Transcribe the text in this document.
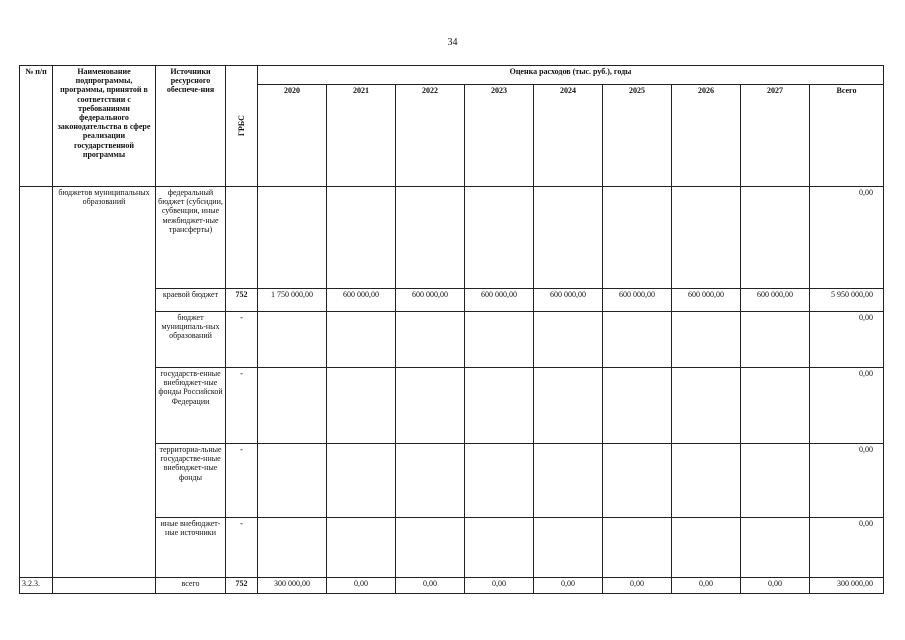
34
№ п/п	Наименование подпрограммы, программы, принятой в соответствии с требованиями федерального законодательства в сфере реализации государственной программы	Источники ресурсного обеспече-ния	ГРБС	Оценка расходов (тыс. руб.), годы								
				2020	2021	2022	2023	2024	2025	2026	2027	Всего
	бюджетов муниципальных образований	федеральный бюджет (субсидии, субвенции, иные межбюджет-ные трансферты)										0,00
		краевой бюджет	752	1 750 000,00	600 000,00	600 000,00	600 000,00	600 000,00	600 000,00	600 000,00	600 000,00	5 950 000,00
		бюджет муниципаль-ных образований	-									0,00
		государств-енные внебюджет-ные фонды Российской Федерации	-									0,00
		территориа-льные государстве-нные внебюджет-ные фонды	-									0,00
		иные внебюджет-ные источники	-									0,00
3.2.3.		всего	752	300 000,00	0,00	0,00	0,00	0,00	0,00	0,00	0,00	300 000,00
